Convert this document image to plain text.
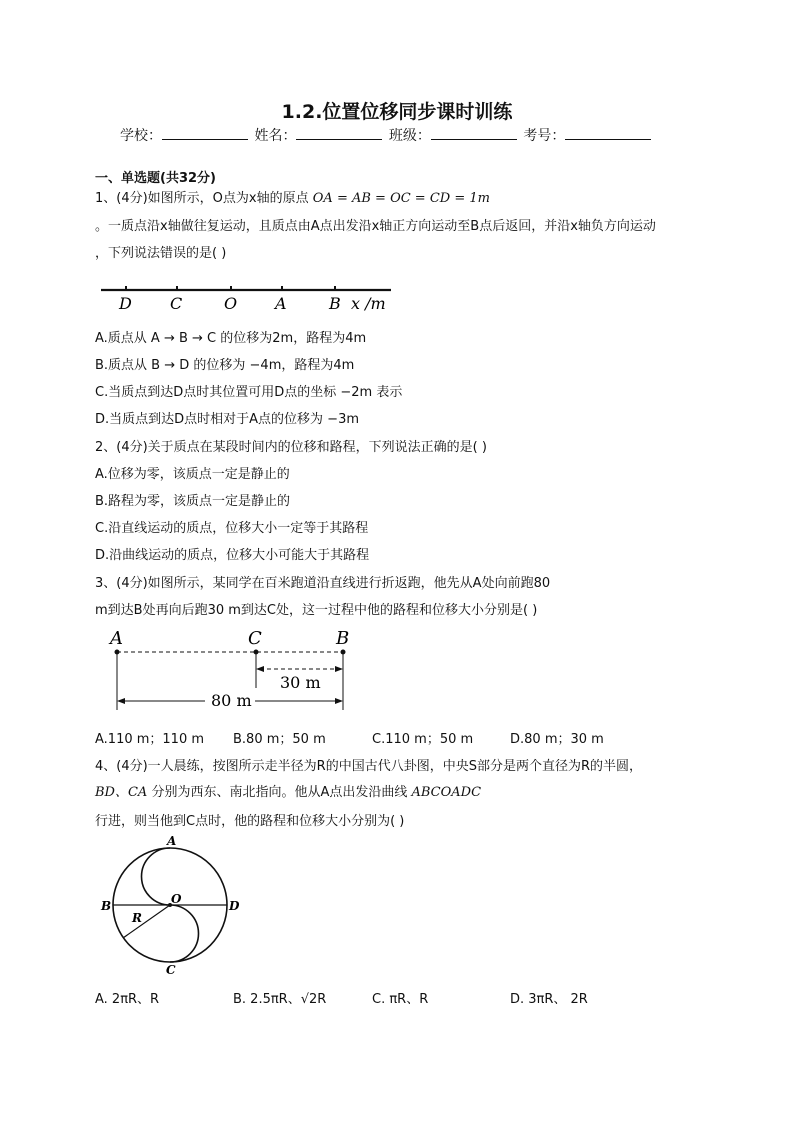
1.2.位置位移同步课时训练
学校：	姓名：	班级：	考号：
一、单选题(共32分)
1、(4分)如图所示，O点为x轴的原点 OA = AB = OC = CD = 1m
。一质点沿x轴做往复运动，且质点由A点出发沿x轴正方向运动至B点后返回，并沿x轴负方向运动
，下列说法错误的是( )
D C	O A	B x /m
A.质点从 A → B → C 的位移为2m，路程为4m
B.质点从 B → D 的位移为 −4m，路程为4m
C.当质点到达D点时其位置可用D点的坐标 −2m 表示
D.当质点到达D点时相对于A点的位移为 −3m
2、(4分)关于质点在某段时间内的位移和路程，下列说法正确的是( )
A.位移为零，该质点一定是静止的
B.路程为零，该质点一定是静止的
C.沿直线运动的质点，位移大小一定等于其路程
D.沿曲线运动的质点，位移大小可能大于其路程
3、(4分)如图所示，某同学在百米跑道沿直线进行折返跑，他先从A处向前跑80
m到达B处再向后跑30 m到达C处，这一过程中他的路程和位移大小分别是( )
A	C	B
30 m
80 m
A.110 m；110 m B.80 m；50 m	C.110 m；50 m	D.80 m；30 m
4、(4分)一人晨练，按图所示走半径为R的中国古代八卦图，中央S部分是两个直径为R的半圆，
BD、CA 分别为西东、南北指向。他从A点出发沿曲线 ABCOADC
行进，则当他到C点时，他的路程和位移大小分别为( )
A
B	O	D
C
R
A. 2πR、R	B. 2.5πR、√2R	C. πR、R	D. 3πR、 2R
